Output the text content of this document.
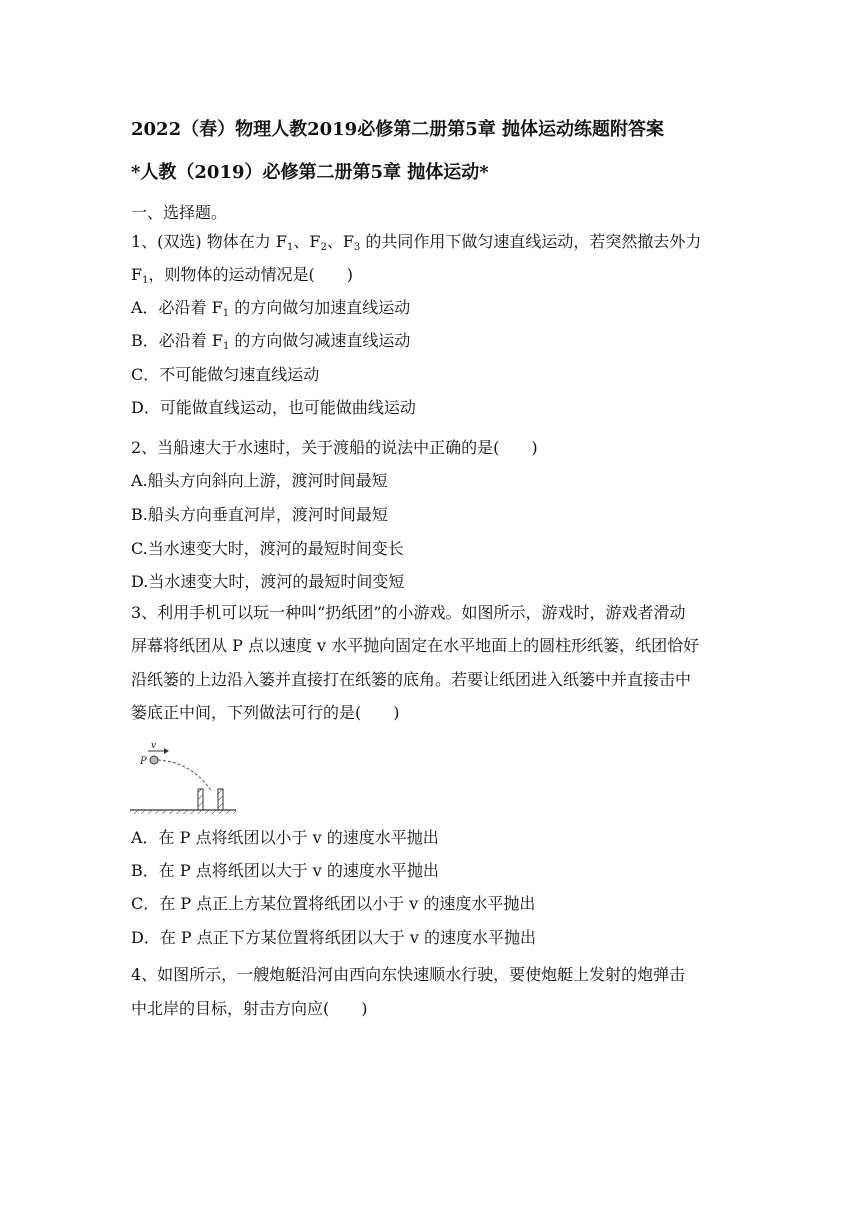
2022（春）物理人教2019必修第二册第5章 抛体运动练题附答案
*人教（2019）必修第二册第5章 抛体运动*
一、选择题。
1、(双选) 物体在力 F1、F2、F3 的共同作用下做匀速直线运动，若突然撤去外力
F1，则物体的运动情况是(　　)
A．必沿着 F1 的方向做匀加速直线运动
B．必沿着 F1 的方向做匀减速直线运动
C．不可能做匀速直线运动
D．可能做直线运动，也可能做曲线运动
2、当船速大于水速时，关于渡船的说法中正确的是(　　)
A.船头方向斜向上游，渡河时间最短
B.船头方向垂直河岸，渡河时间最短
C.当水速变大时，渡河的最短时间变长
D.当水速变大时，渡河的最短时间变短
3、利用手机可以玩一种叫“扔纸团”的小游戏。如图所示，游戏时，游戏者滑动
屏幕将纸团从 P 点以速度 v 水平抛向固定在水平地面上的圆柱形纸篓，纸团恰好
沿纸篓的上边沿入篓并直接打在纸篓的底角。若要让纸团进入纸篓中并直接击中
篓底正中间，下列做法可行的是(　　)
v
P
A．在 P 点将纸团以小于 v 的速度水平抛出
B．在 P 点将纸团以大于 v 的速度水平抛出
C．在 P 点正上方某位置将纸团以小于 v 的速度水平抛出
D．在 P 点正下方某位置将纸团以大于 v 的速度水平抛出
4、如图所示，一艘炮艇沿河由西向东快速顺水行驶，要使炮艇上发射的炮弹击
中北岸的目标，射击方向应(　　)
